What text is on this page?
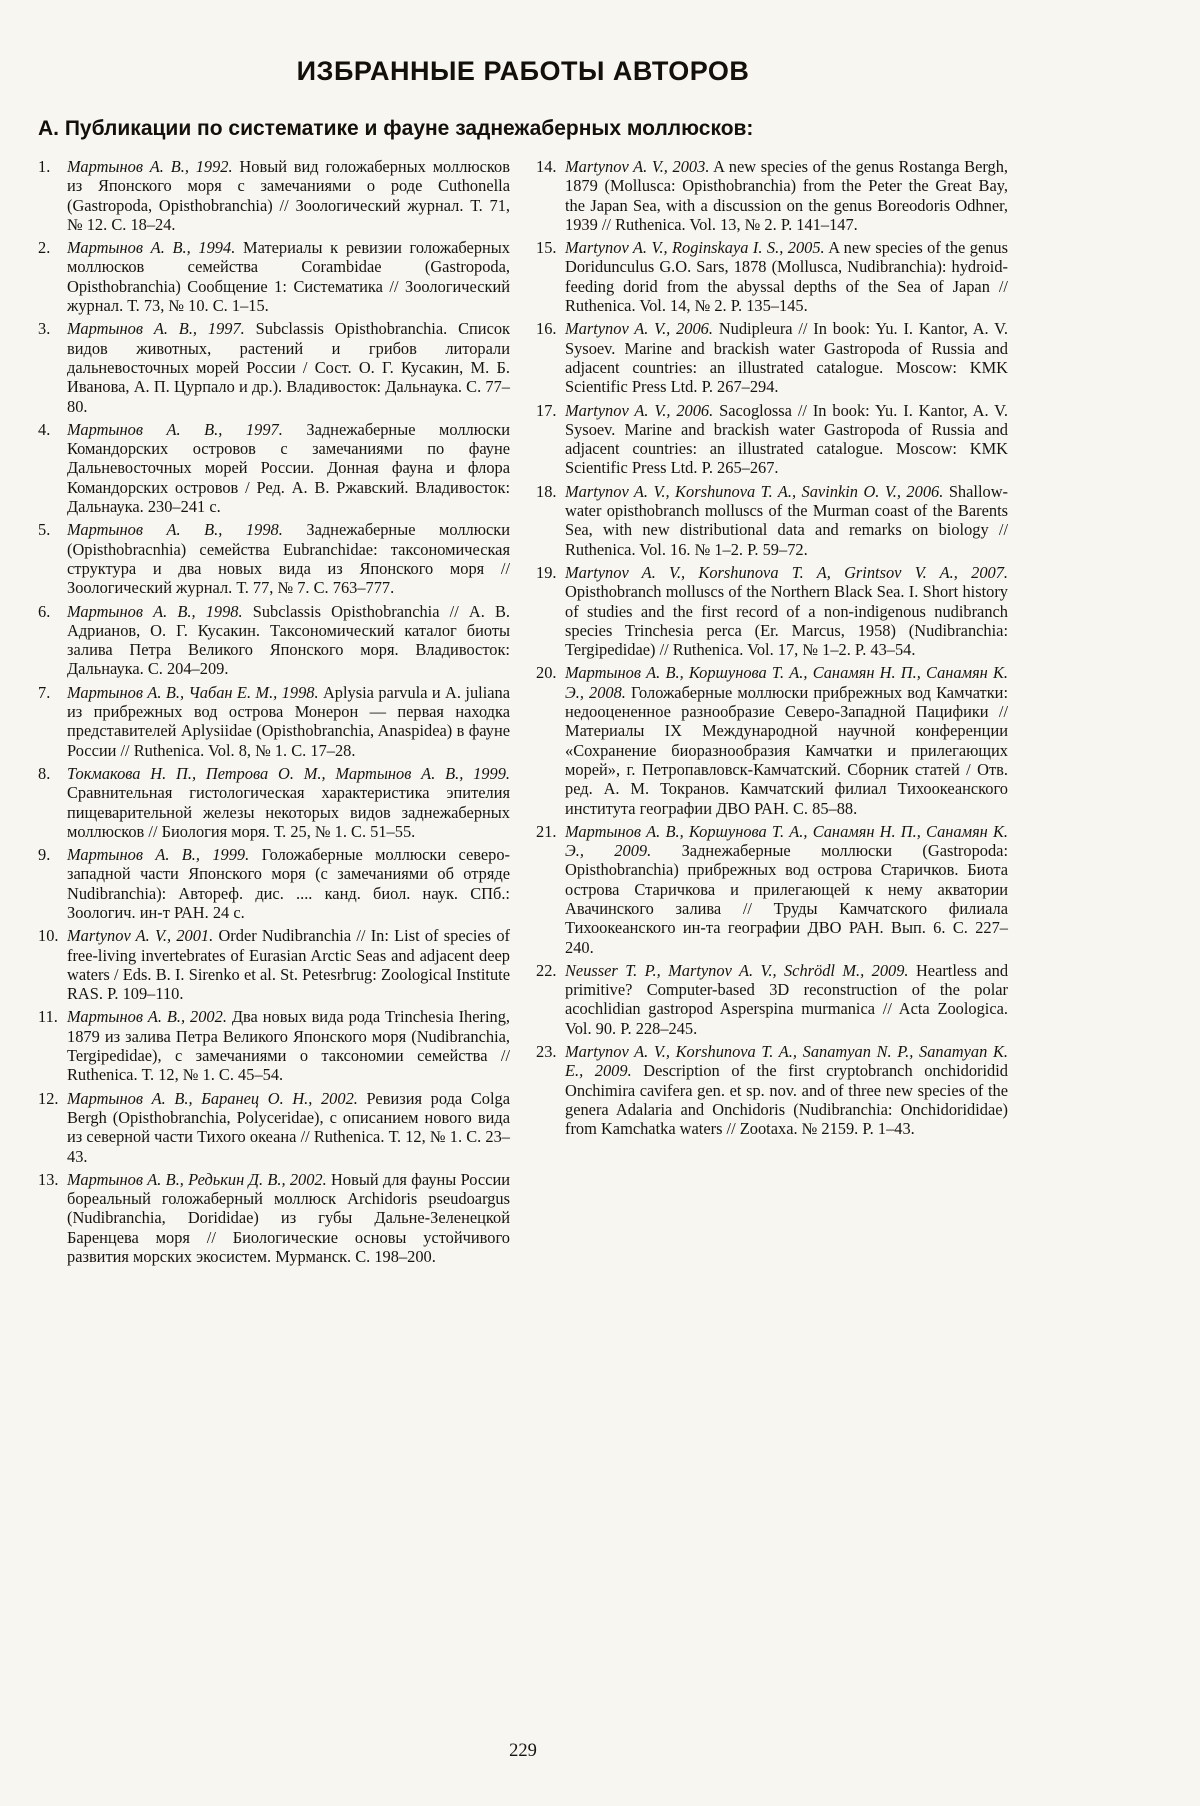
ИЗБРАННЫЕ РАБОТЫ АВТОРОВ
А. Публикации по систематике и фауне заднежаберных моллюсков:

1. Мартынов А. В., 1992. Новый вид голожаберных моллюсков из Японского моря с замечаниями о роде Cuthonella (Gastropoda, Opisthobranchia) // Зоологический журнал. Т. 71, № 12. С. 18–24.

2. Мартынов А. В., 1994. Материалы к ревизии голожаберных моллюсков семейства Corambidae (Gastropoda, Opisthobranchia) Сообщение 1: Систематика // Зоологический журнал. Т. 73, № 10. С. 1–15.

3. Мартынов А. В., 1997. Subclassis Opisthobranchia. Список видов животных, растений и грибов литорали дальневосточных морей России / Сост. О. Г. Кусакин, М. Б. Иванова, А. П. Цурпало и др.). Владивосток: Дальнаука. С. 77–80.

4. Мартынов А. В., 1997. Заднежаберные моллюски Командорских островов с замечаниями по фауне Дальневосточных морей России. Донная фауна и флора Командорских островов / Ред. А. В. Ржавский. Владивосток: Дальнаука. 230–241 с.

5. Мартынов А. В., 1998. Заднежаберные моллюски (Opisthobracnhia) семейства Eubranchidae: таксономическая структура и два новых вида из Японского моря // Зоологический журнал. Т. 77, № 7. С. 763–777.

6. Мартынов А. В., 1998. Subclassis Opisthobranchia // А. В. Адрианов, О. Г. Кусакин. Таксономический каталог биоты залива Петра Великого Японского моря. Владивосток: Дальнаука. С. 204–209.

7. Мартынов А. В., Чабан Е. М., 1998. Aplysia parvula и A. juliana из прибрежных вод острова Монерон — первая находка представителей Aplysiidae (Opisthobranchia, Anaspidea) в фауне России // Ruthenica. Vol. 8, № 1. С. 17–28.

8. Токмакова Н. П., Петрова О. М., Мартынов А. В., 1999. Сравнительная гистологическая характеристика эпителия пищеварительной железы некоторых видов заднежаберных моллюсков // Биология моря. Т. 25, № 1. С. 51–55.

9. Мартынов А. В., 1999. Голожаберные моллюски северо-западной части Японского моря (с замечаниями об отряде Nudibranchia): Автореф. дис. .... канд. биол. наук. СПб.: Зоологич. ин-т РАН. 24 с.

10. Martynov A. V., 2001. Order Nudibranchia // In: List of species of free-living invertebrates of Eurasian Arctic Seas and adjacent deep waters / Eds. B. I. Sirenko et al. St. Petesrbrug: Zoological Institute RAS. P. 109–110.

11. Мартынов А. В., 2002. Два новых вида рода Trinchesia Ihering, 1879 из залива Петра Великого Японского моря (Nudibranchia, Tergipedidae), с замечаниями о таксономии семейства // Ruthenica. Т. 12, № 1. С. 45–54.

12. Мартынов А. В., Баранец О. Н., 2002. Ревизия рода Colga Bergh (Opisthobranchia, Polyceridae), с описанием нового вида из северной части Тихого океана // Ruthenica. Т. 12, № 1. С. 23–43.

13. Мартынов А. В., Редькин Д. В., 2002. Новый для фауны России бореальный голожаберный моллюск Archidoris pseudoargus (Nudibranchia, Dorididae) из губы Дальне-Зеленецкой Баренцева моря // Биологические основы устойчивого развития морских экосистем. Мурманск. С. 198–200.

14. Martynov A. V., 2003. A new species of the genus Rostanga Bergh, 1879 (Mollusca: Opisthobranchia) from the Peter the Great Bay, the Japan Sea, with a discussion on the genus Boreodoris Odhner, 1939 // Ruthenica. Vol. 13, № 2. P. 141–147.

15. Martynov A. V., Roginskaya I. S., 2005. A new species of the genus Doridunculus G.O. Sars, 1878 (Mollusca, Nudibranchia): hydroid-feeding dorid from the abyssal depths of the Sea of Japan // Ruthenica. Vol. 14, № 2. P. 135–145.

16. Martynov A. V., 2006. Nudipleura // In book: Yu. I. Kantor, A. V. Sysoev. Marine and brackish water Gastropoda of Russia and adjacent countries: an illustrated catalogue. Moscow: KMK Scientific Press Ltd. P. 267–294.

17. Martynov A. V., 2006. Sacoglossa // In book: Yu. I. Kantor, A. V. Sysoev. Marine and brackish water Gastropoda of Russia and adjacent countries: an illustrated catalogue. Moscow: KMK Scientific Press Ltd. P. 265–267.

18. Martynov A. V., Korshunova T. A., Savinkin O. V., 2006. Shallow-water opisthobranch molluscs of the Murman coast of the Barents Sea, with new distributional data and remarks on biology // Ruthenica. Vol. 16. № 1–2. P. 59–72.

19. Martynov A. V., Korshunova T. A, Grintsov V. A., 2007. Opisthobranch molluscs of the Northern Black Sea. I. Short history of studies and the first record of a non-indigenous nudibranch species Trinchesia perca (Er. Marcus, 1958) (Nudibranchia: Tergipedidae) // Ruthenica. Vol. 17, № 1–2. P. 43–54.

20. Мартынов А. В., Коршунова Т. А., Санамян Н. П., Санамян К. Э., 2008. Голожаберные моллюски прибрежных вод Камчатки: недооцененное разнообразие Северо-Западной Пацифики // Материалы IX Международной научной конференции «Сохранение биоразнообразия Камчатки и прилегающих морей», г. Петропавловск-Камчатский. Сборник статей / Отв. ред. А. М. Токранов. Камчатский филиал Тихоокеанского института географии ДВО РАН. С. 85–88.

21. Мартынов А. В., Коршунова Т. А., Санамян Н. П., Санамян К. Э., 2009. Заднежаберные моллюски (Gastropoda: Opisthobranchia) прибрежных вод острова Старичков. Биота острова Старичкова и прилегающей к нему акватории Авачинского залива // Труды Камчатского филиала Тихоокеанского ин-та географии ДВО РАН. Вып. 6. С. 227–240.

22. Neusser T. P., Martynov A. V., Schrödl M., 2009. Heartless and primitive? Computer-based 3D reconstruction of the polar acochlidian gastropod Asperspina murmanica // Acta Zoologica. Vol. 90. P. 228–245.

23. Martynov A. V., Korshunova T. A., Sanamyan N. P., Sanamyan K. E., 2009. Description of the first cryptobranch onchidoridid Onchimira cavifera gen. et sp. nov. and of three new species of the genera Adalaria and Onchidoris (Nudibranchia: Onchidorididae) from Kamchatka waters // Zootaxa. № 2159. P. 1–43.

229
